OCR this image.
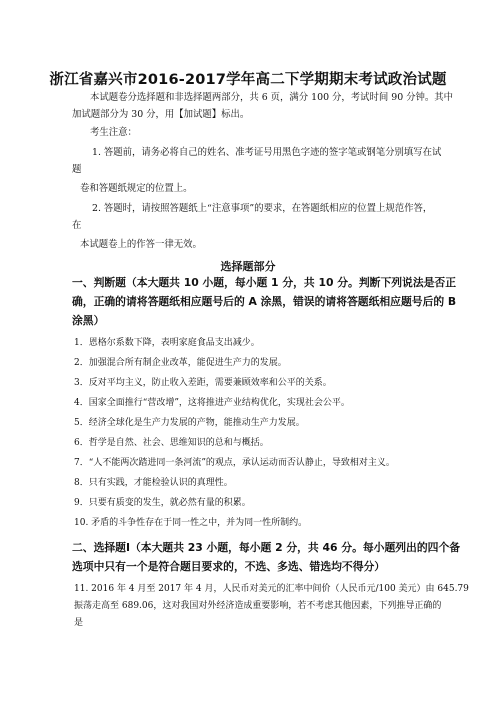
浙江省嘉兴市2016-2017学年高二下学期期末考试政治试题
本试题卷分选择题和非选择题两部分，共 6 页，满分 100 分，考试时间 90 分钟。其中
加试题部分为 30 分，用【加试题】标出。
考生注意：
1. 答题前，请务必将自己的姓名、准考证号用黑色字迹的签字笔或钢笔分别填写在试
题
卷和答题纸规定的位置上。
2. 答题时，请按照答题纸上“注意事项”的要求，在答题纸相应的位置上规范作答，
在
本试题卷上的作答一律无效。
选择题部分
一、判断题（本大题共 10 小题，每小题 1 分，共 10 分。判断下列说法是否正
确，正确的请将答题纸相应题号后的 A 涂黑，错误的请将答题纸相应题号后的 B
涂黑）
1．恩格尔系数下降，表明家庭食品支出减少。
2．加强混合所有制企业改革，能促进生产力的发展。
3．反对平均主义，防止收入差距，需要兼顾效率和公平的关系。
4．国家全面推行“营改增”，这将推进产业结构优化，实现社会公平。
5．经济全球化是生产力发展的产物，能推动生产力发展。
6．哲学是自然、社会、思维知识的总和与概括。
7．“人不能两次踏进同一条河流”的观点，承认运动而否认静止，导致相对主义。
8．只有实践，才能检验认识的真理性。
9．只要有质变的发生，就必然有量的积累。
10. 矛盾的斗争性存在于同一性之中，并为同一性所制约。
二、选择题Ⅰ（本大题共 23 小题，每小题 2 分，共 46 分。每小题列出的四个备
选项中只有一个是符合题目要求的，不选、多选、错选均不得分）
11. 2016 年 4 月至 2017 年 4 月，人民币对美元的汇率中间价（人民币元/100 美元）由 645.79
振荡走高至 689.06，这对我国对外经济造成重要影响，若不考虑其他因素，下列推导正确的
是
